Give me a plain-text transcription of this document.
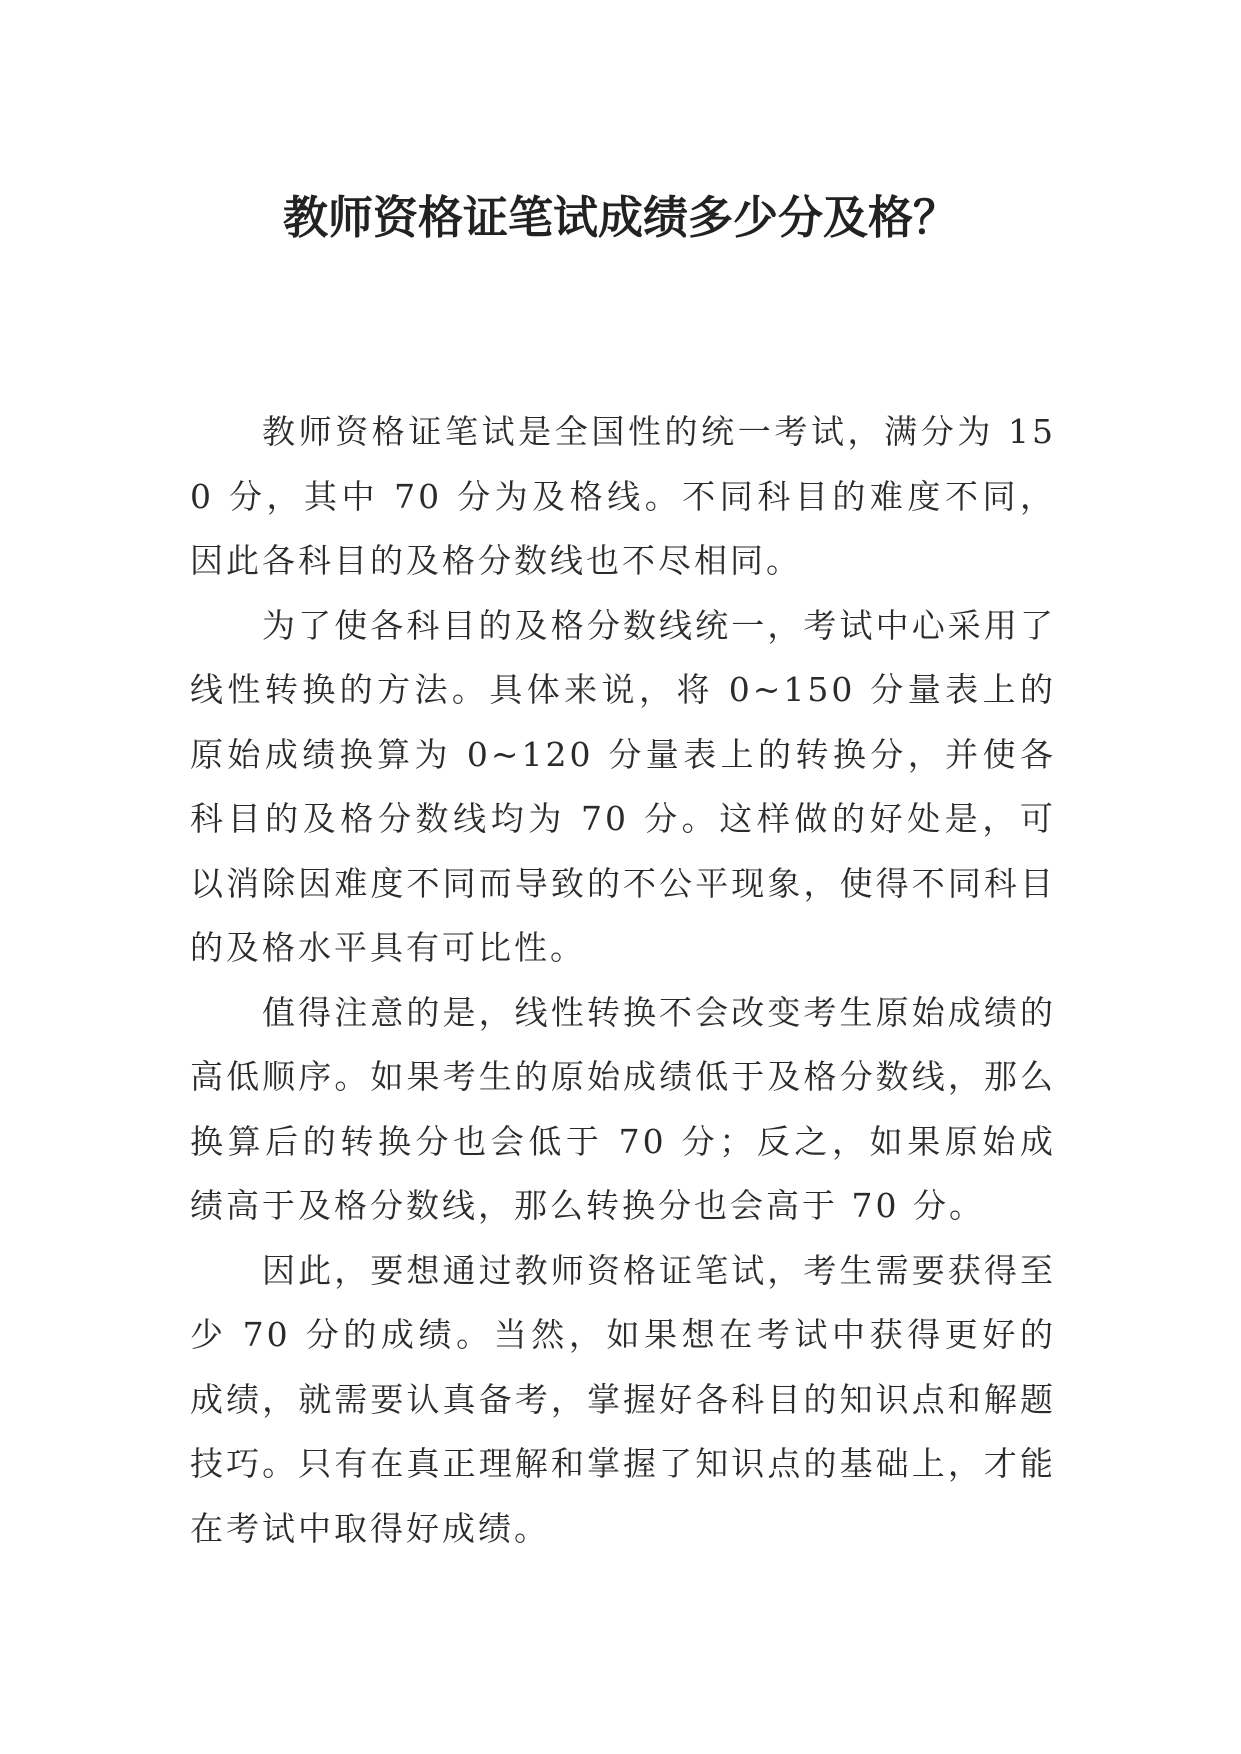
教师资格证笔试成绩多少分及格？

教师资格证笔试是全国性的统一考试，满分为 150 分，其中 70 分为及格线。不同科目的难度不同，因此各科目的及格分数线也不尽相同。

为了使各科目的及格分数线统一，考试中心采用了线性转换的方法。具体来说，将 0~150 分量表上的原始成绩换算为 0~120 分量表上的转换分，并使各科目的及格分数线均为 70 分。这样做的好处是，可以消除因难度不同而导致的不公平现象，使得不同科目的及格水平具有可比性。

值得注意的是，线性转换不会改变考生原始成绩的高低顺序。如果考生的原始成绩低于及格分数线，那么换算后的转换分也会低于 70 分；反之，如果原始成绩高于及格分数线，那么转换分也会高于 70 分。

因此，要想通过教师资格证笔试，考生需要获得至少 70 分的成绩。当然，如果想在考试中获得更好的成绩，就需要认真备考，掌握好各科目的知识点和解题技巧。只有在真正理解和掌握了知识点的基础上，才能在考试中取得好成绩。
